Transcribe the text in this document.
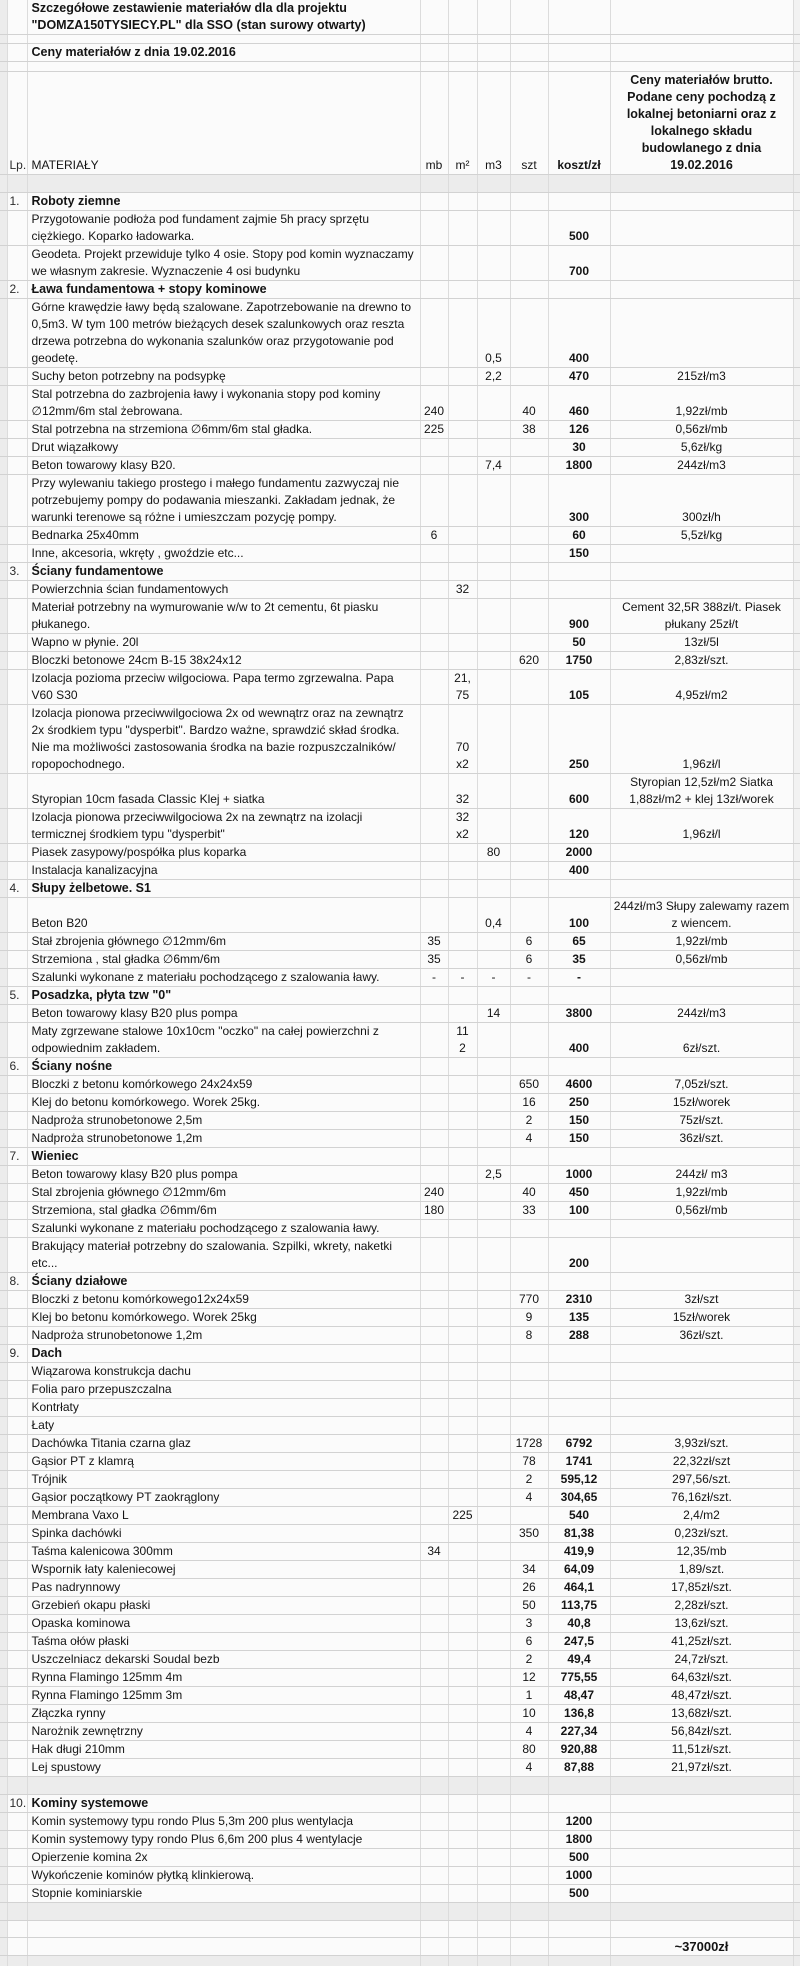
		Szczegółowe zestawienie materiałów dla dla projektu "DOMZA150TYSIECY.PL" dla SSO (stan surowy otwarty)							

		Ceny materiałów z dnia 19.02.2016							

	Lp.	MATERIAŁY	mb	m²	m3	szt	koszt/zł	Ceny materiałów brutto. Podane ceny pochodzą z lokalnej betoniarni oraz z lokalnego składu budowlanego z dnia 19.02.2016	

	1.	Roboty ziemne							
		Przygotowanie podłoża pod fundament zajmie 5h pracy sprzętu ciężkiego. Koparko ładowarka.					500		
		Geodeta. Projekt przewiduje tylko 4 osie. Stopy pod komin wyznaczamy we własnym zakresie. Wyznaczenie 4 osi budynku					700		
	2.	Ława fundamentowa + stopy kominowe							
		Górne krawędzie ławy będą szalowane. Zapotrzebowanie na drewno to 0,5m3. W tym 100 metrów bieżących desek szalunkowych oraz reszta drzewa potrzebna do wykonania szalunków oraz przygotowanie pod geodetę.			0,5		400		
		Suchy beton potrzebny na podsypkę			2,2		470	215zł/m3	
		Stal potrzebna do zazbrojenia ławy i wykonania stopy pod kominy ∅12mm/6m stal żebrowana.	240			40	460	1,92zł/mb	
		Stal potrzebna na strzemiona ∅6mm/6m stal gładka.	225			38	126	0,56zł/mb	
		Drut wiązałkowy					30	5,6zł/kg	
		Beton towarowy klasy B20.			7,4		1800	244zł/m3	
		Przy wylewaniu takiego prostego i małego fundamentu zazwyczaj nie potrzebujemy pompy do podawania mieszanki. Zakładam jednak, że warunki terenowe są różne i umieszczam pozycję pompy.					300	300zł/h	
		Bednarka 25x40mm	6				60	5,5zł/kg	
		Inne, akcesoria, wkręty , gwoździe etc...					150		
	3.	Ściany fundamentowe							
		Powierzchnia ścian fundamentowych		32					
		Materiał potrzebny na wymurowanie w/w to 2t cementu, 6t piasku płukanego.					900	Cement 32,5R 388zł/t. Piasek płukany 25zł/t	
		Wapno w płynie. 20l					50	13zł/5l	
		Bloczki betonowe 24cm B-15 38x24x12				620	1750	2,83zł/szt.	
		Izolacja pozioma przeciw wilgociowa. Papa termo zgrzewalna. Papa V60 S30		21,
75			105	4,95zł/m2	
		Izolacja pionowa przeciwwilgociowa 2x od wewnątrz oraz na zewnątrz 2x środkiem typu "dysperbit". Bardzo ważne, sprawdzić skład środka. Nie ma możliwości zastosowania środka na bazie rozpuszczalników/ ropopochodnego.		70
x2			250	1,96zł/l	
		Styropian 10cm fasada Classic Klej + siatka		32			600	Styropian 12,5zł/m2 Siatka 1,88zł/m2 + klej 13zł/worek	
		Izolacja pionowa przeciwwilgociowa 2x na zewnątrz na izolacji termicznej środkiem typu "dysperbit"		32
x2			120	1,96zł/l	
		Piasek zasypowy/pospółka plus koparka			80		2000		
		Instalacja kanalizacyjna					400		
	4.	Słupy żelbetowe. S1							
		Beton B20			0,4		100	244zł/m3 Słupy zalewamy razem z wiencem.	
		Stał zbrojenia głównego ∅12mm/6m	35			6	65	1,92zł/mb	
		Strzemiona , stal gładka ∅6mm/6m	35			6	35	0,56zł/mb	
		Szalunki wykonane z materiału pochodzącego z szalowania ławy.	-	-	-	-	-		
	5.	Posadzka, płyta tzw "0"							
		Beton towarowy klasy B20 plus pompa			14		3800	244zł/m3	
		Maty zgrzewane stalowe 10x10cm "oczko" na całej powierzchni z odpowiednim zakładem.		11
2			400	6zł/szt.	
	6.	Ściany nośne							
		Bloczki z betonu komórkowego 24x24x59				650	4600	7,05zł/szt.	
		Klej do betonu komórkowego. Worek 25kg.				16	250	15zł/worek	
		Nadproża strunobetonowe 2,5m				2	150	75zł/szt.	
		Nadproża strunobetonowe 1,2m				4	150	36zł/szt.	
	7.	Wieniec							
		Beton towarowy klasy B20 plus pompa			2,5		1000	244zł/ m3	
		Stal zbrojenia głównego ∅12mm/6m	240			40	450	1,92zł/mb	
		Strzemiona, stal gładka ∅6mm/6m	180			33	100	0,56zł/mb	
		Szalunki wykonane z materiału pochodzącego z szalowania ławy.							
		Brakujący materiał potrzebny do szalowania. Szpilki, wkrety, naketki etc...					200		
	8.	Ściany działowe							
		Bloczki z betonu komórkowego12x24x59				770	2310	3zł/szt	
		Klej bo betonu komórkowego. Worek 25kg				9	135	15zł/worek	
		Nadproża strunobetonowe 1,2m				8	288	36zł/szt.	
	9.	Dach							
		Wiązarowa konstrukcja dachu							
		Folia paro przepuszczalna							
		Kontrłaty							
		Łaty							
		Dachówka Titania czarna glaz				1728	6792	3,93zł/szt.	
		Gąsior PT z klamrą				78	1741	22,32zł/szt	
		Trójnik				2	595,12	297,56/szt.	
		Gąsior początkowy PT zaokrąglony				4	304,65	76,16zł/szt.	
		Membrana Vaxo L		225			540	2,4/m2	
		Spinka dachówki				350	81,38	0,23zł/szt.	
		Taśma kalenicowa 300mm	34				419,9	12,35/mb	
		Wspornik łaty kaleniecowej				34	64,09	1,89/szt.	
		Pas nadrynnowy				26	464,1	17,85zł/szt.	
		Grzebień okapu płaski				50	113,75	2,28zł/szt.	
		Opaska kominowa				3	40,8	13,6zł/szt.	
		Taśma ołów płaski				6	247,5	41,25zł/szt.	
		Uszczelniacz dekarski Soudal bezb				2	49,4	24,7zł/szt.	
		Rynna Flamingo 125mm 4m				12	775,55	64,63zł/szt.	
		Rynna Flamingo 125mm 3m				1	48,47	48,47zł/szt.	
		Złączka rynny				10	136,8	13,68zł/szt.	
		Narożnik zewnętrzny				4	227,34	56,84zł/szt.	
		Hak długi 210mm				80	920,88	11,51zł/szt.	
		Lej spustowy				4	87,88	21,97zł/szt.	

	10.	Kominy systemowe							
		Komin systemowy typu rondo Plus 5,3m 200 plus wentylacja					1200		
		Komin systemowy typy rondo Plus 6,6m 200 plus 4 wentylacje					1800		
		Opierzenie komina 2x					500		
		Wykończenie kominów płytką klinkierową.					1000		
		Stopnie kominiarskie					500		

								~37000zł	
